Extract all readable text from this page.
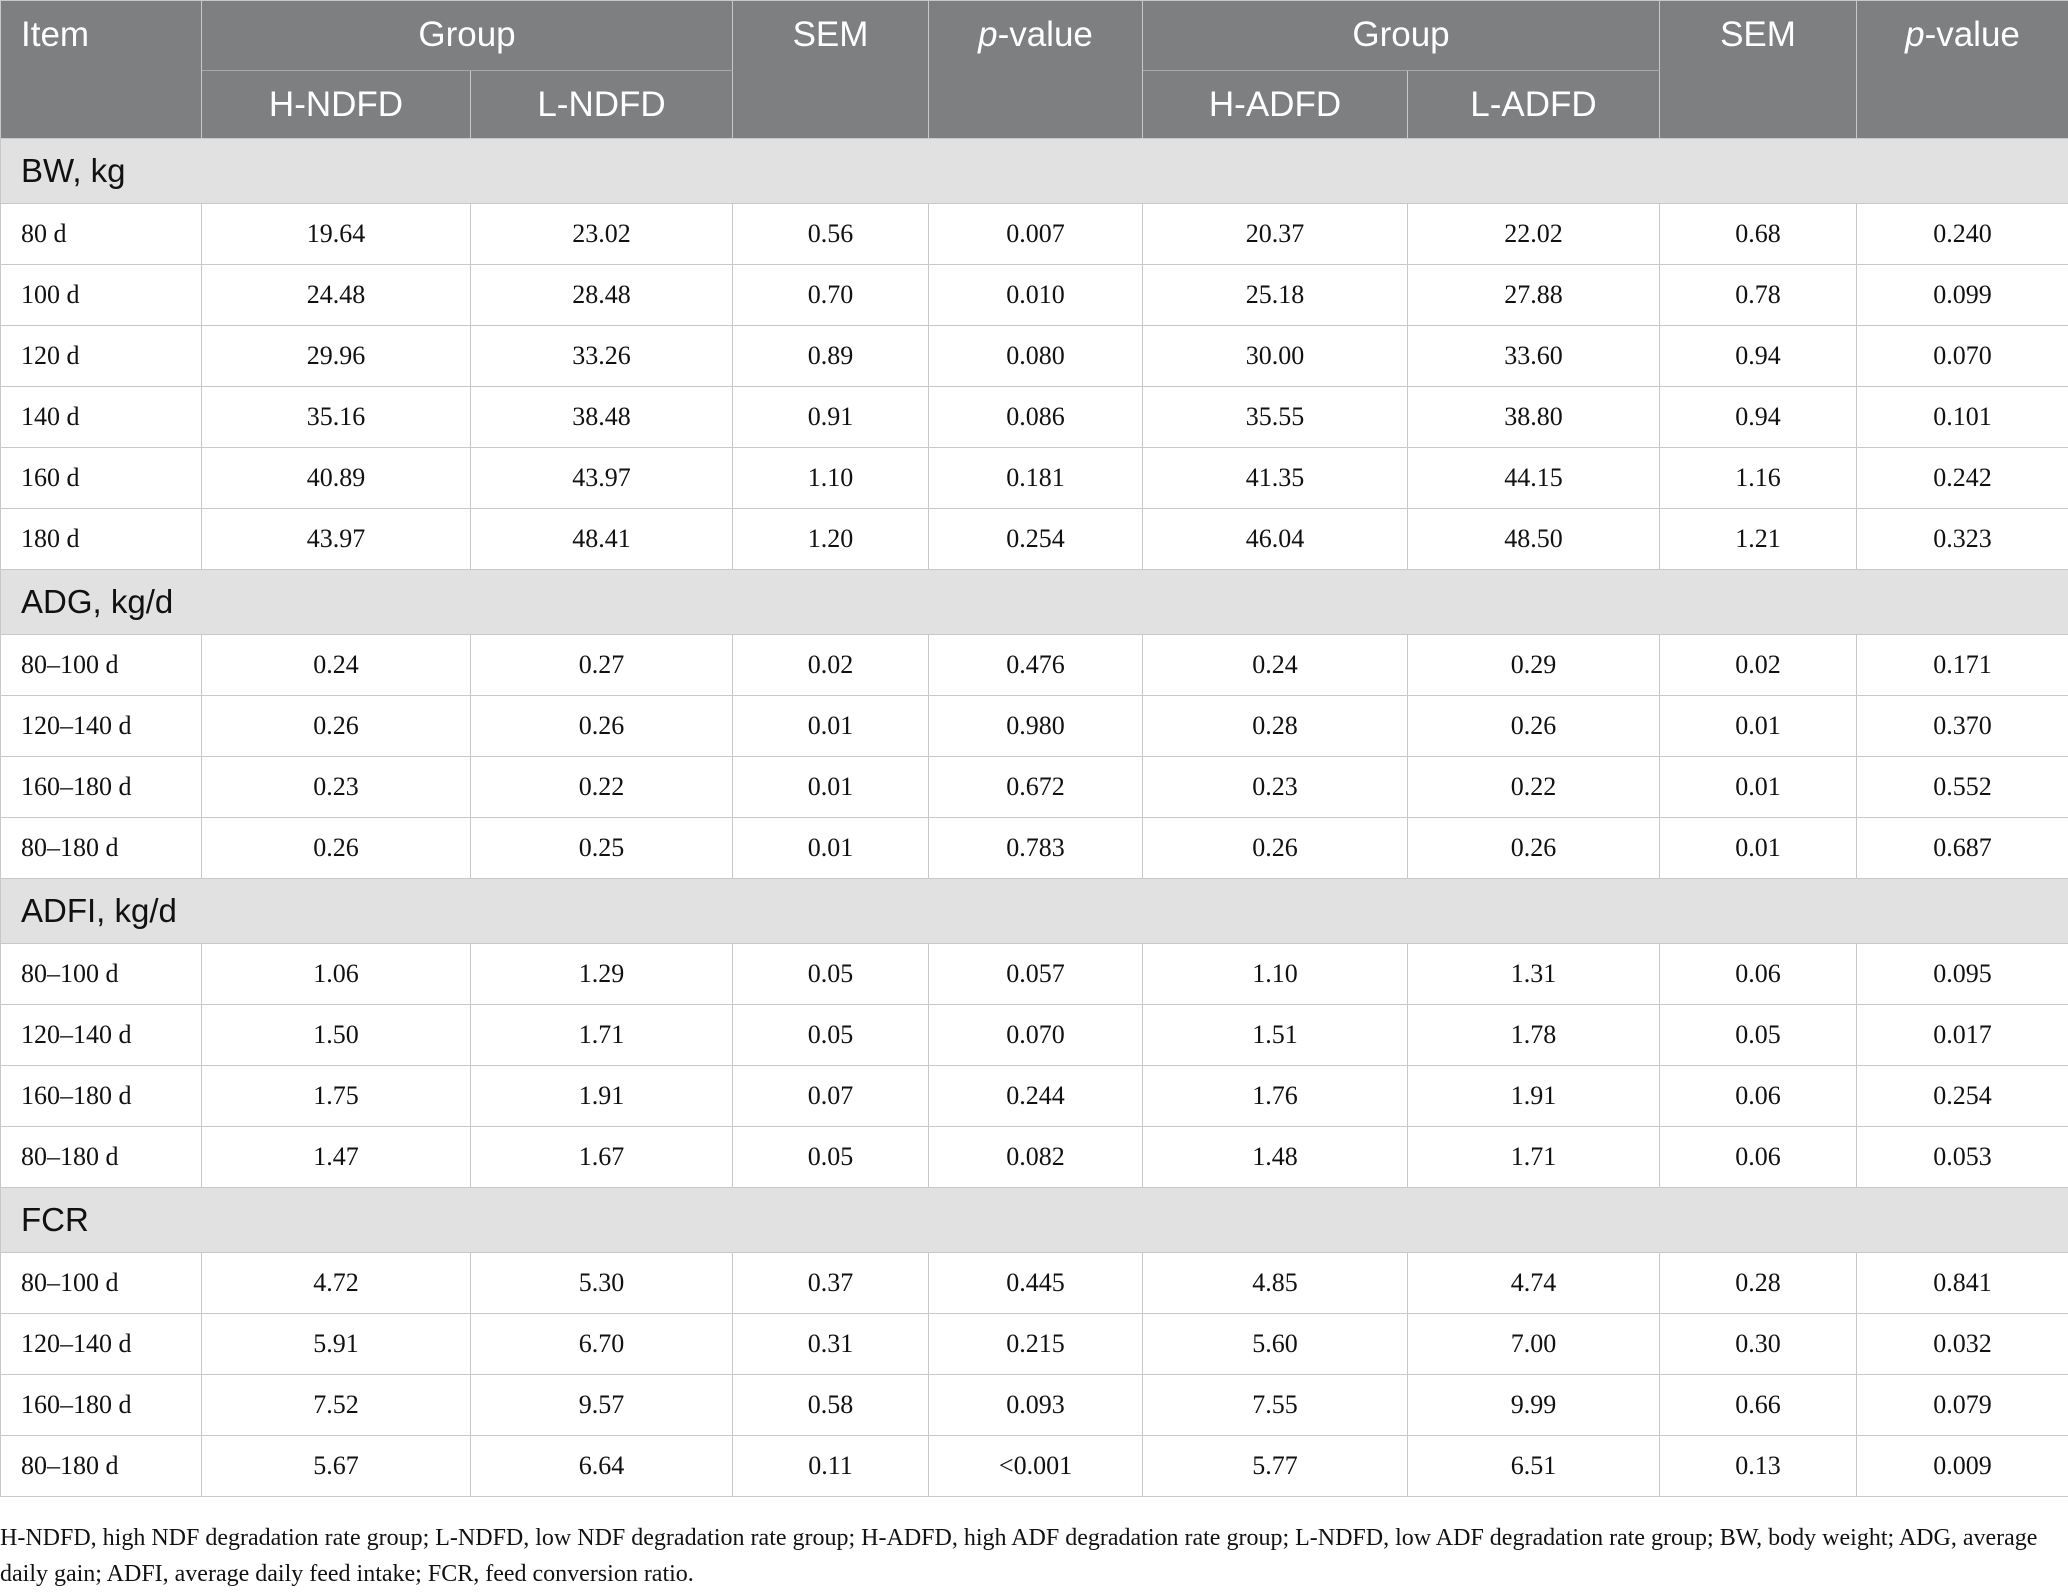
Item	Group		SEM	p-value	Group		SEM	p-value
	H-NDFD	L-NDFD			H-ADFD	L-ADFD		
BW, kg								
80 d	19.64	23.02	0.56	0.007	20.37	22.02	0.68	0.240
100 d	24.48	28.48	0.70	0.010	25.18	27.88	0.78	0.099
120 d	29.96	33.26	0.89	0.080	30.00	33.60	0.94	0.070
140 d	35.16	38.48	0.91	0.086	35.55	38.80	0.94	0.101
160 d	40.89	43.97	1.10	0.181	41.35	44.15	1.16	0.242
180 d	43.97	48.41	1.20	0.254	46.04	48.50	1.21	0.323
ADG, kg/d								
80–100 d	0.24	0.27	0.02	0.476	0.24	0.29	0.02	0.171
120–140 d	0.26	0.26	0.01	0.980	0.28	0.26	0.01	0.370
160–180 d	0.23	0.22	0.01	0.672	0.23	0.22	0.01	0.552
80–180 d	0.26	0.25	0.01	0.783	0.26	0.26	0.01	0.687
ADFI, kg/d								
80–100 d	1.06	1.29	0.05	0.057	1.10	1.31	0.06	0.095
120–140 d	1.50	1.71	0.05	0.070	1.51	1.78	0.05	0.017
160–180 d	1.75	1.91	0.07	0.244	1.76	1.91	0.06	0.254
80–180 d	1.47	1.67	0.05	0.082	1.48	1.71	0.06	0.053
FCR								
80–100 d	4.72	5.30	0.37	0.445	4.85	4.74	0.28	0.841
120–140 d	5.91	6.70	0.31	0.215	5.60	7.00	0.30	0.032
160–180 d	7.52	9.57	0.58	0.093	7.55	9.99	0.66	0.079
80–180 d	5.67	6.64	0.11	<0.001	5.77	6.51	0.13	0.009
H-NDFD, high NDF degradation rate group; L-NDFD, low NDF degradation rate group; H-ADFD, high ADF degradation rate group; L-NDFD, low ADF degradation rate group; BW, body weight; ADG, average daily gain; ADFI, average daily feed intake; FCR, feed conversion ratio.
